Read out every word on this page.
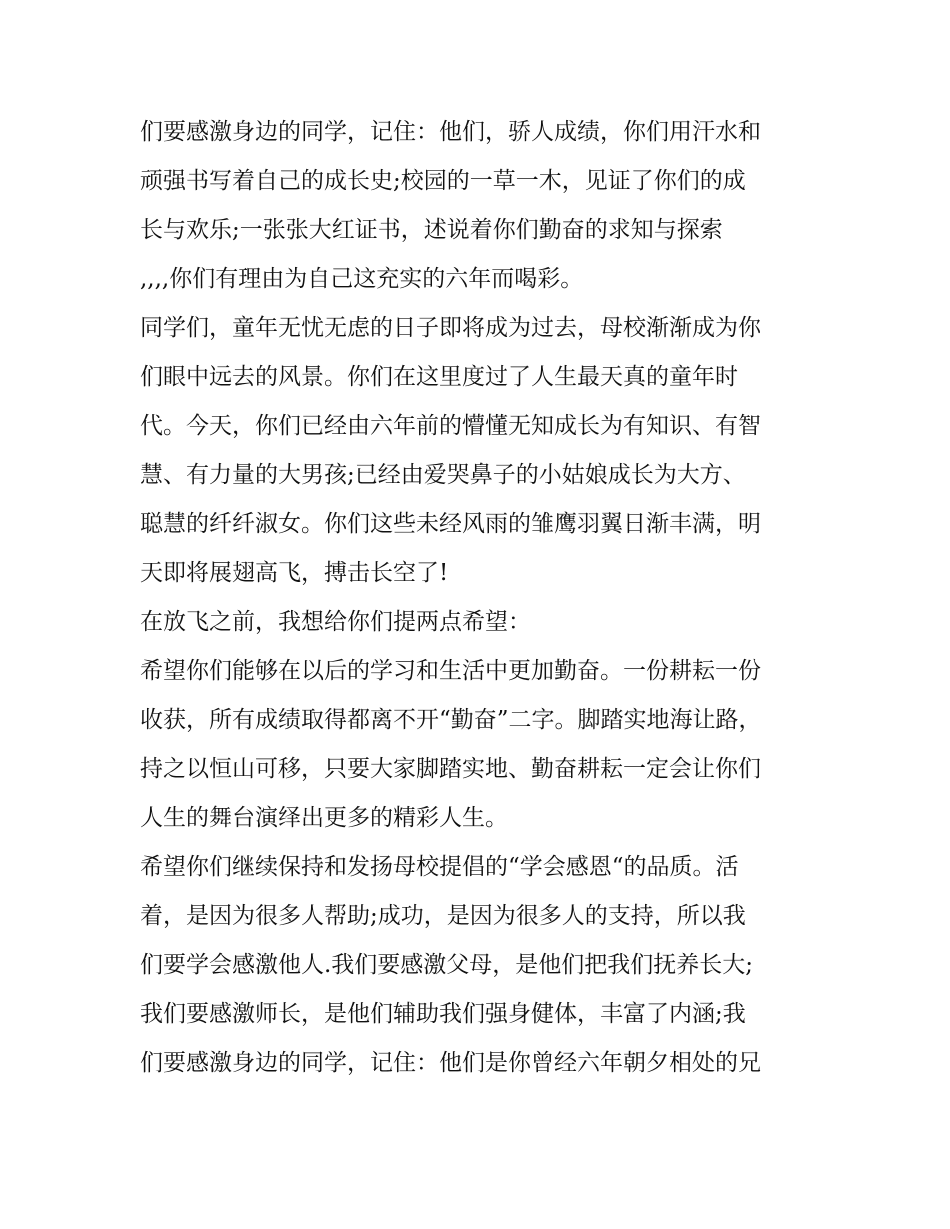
们要感激身边的同学，记住：他们，骄人成绩，你们用汗水和
顽强书写着自己的成长史;校园的一草一木，见证了你们的成
长与欢乐;一张张大红证书，述说着你们勤奋的求知与探索
,,,,你们有理由为自己这充实的六年而喝彩。
同学们，童年无忧无虑的日子即将成为过去，母校渐渐成为你
们眼中远去的风景。你们在这里度过了人生最天真的童年时
代。今天，你们已经由六年前的懵懂无知成长为有知识、有智
慧、有力量的大男孩;已经由爱哭鼻子的小姑娘成长为大方、
聪慧的纤纤淑女。你们这些未经风雨的雏鹰羽翼日渐丰满，明
天即将展翅高飞，搏击长空了!
在放飞之前，我想给你们提两点希望：
希望你们能够在以后的学习和生活中更加勤奋。一份耕耘一份
收获，所有成绩取得都离不开“勤奋”二字。脚踏实地海让路，
持之以恒山可移，只要大家脚踏实地、勤奋耕耘一定会让你们
人生的舞台演绎出更多的精彩人生。
希望你们继续保持和发扬母校提倡的“学会感恩“的品质。活
着，是因为很多人帮助;成功，是因为很多人的支持，所以我
们要学会感激他人.我们要感激父母，是他们把我们抚养长大;
我们要感激师长，是他们辅助我们强身健体，丰富了内涵;我
们要感激身边的同学，记住：他们是你曾经六年朝夕相处的兄
